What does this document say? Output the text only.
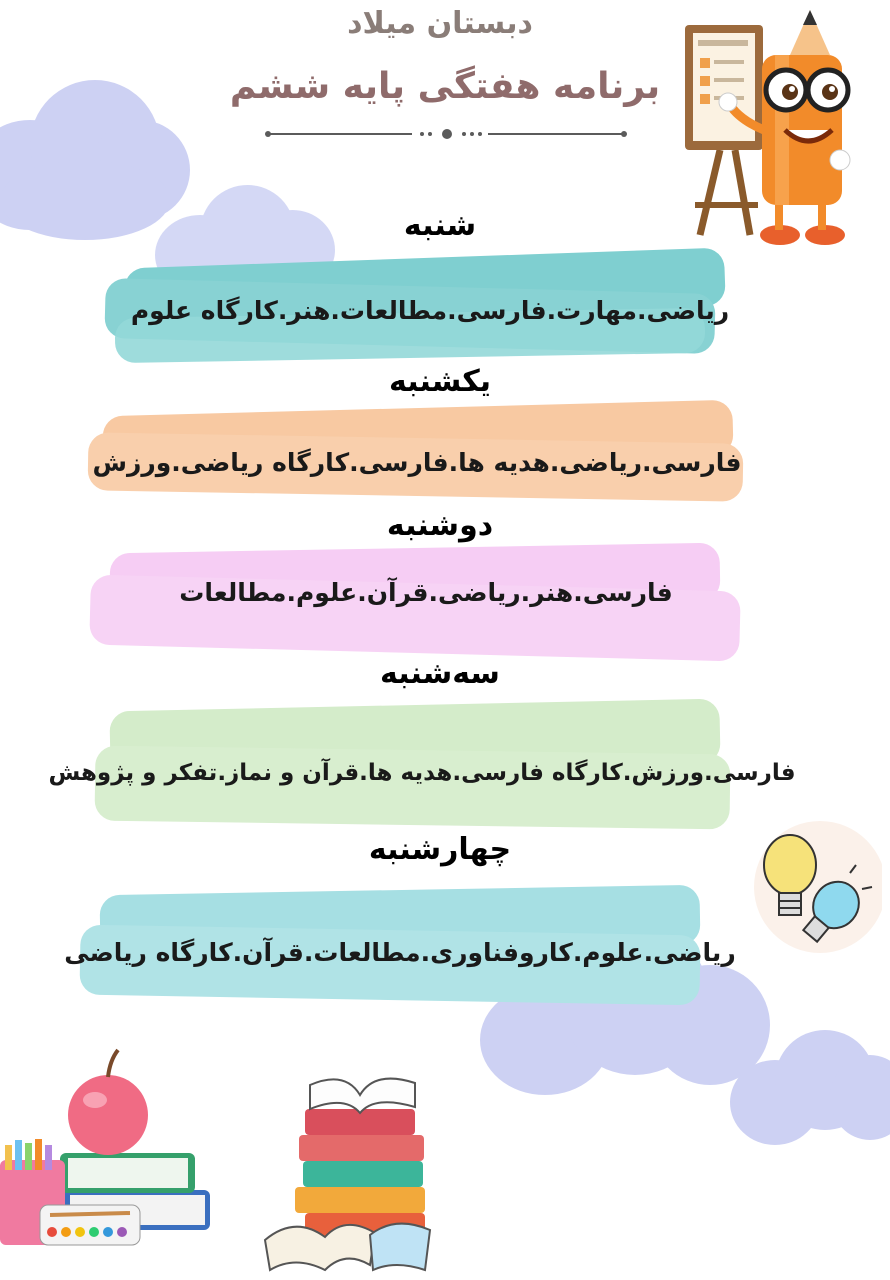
دبستان میلاد
برنامه هفتگی پایه ششم
شنبه
ریاضی.مهارت.فارسی.مطالعات.هنر.کارگاه علوم
یکشنبه
فارسی.ریاضی.هدیه ها.فارسی.کارگاه ریاضی.ورزش
دوشنبه
فارسی.هنر.ریاضی.قرآن.علوم.مطالعات
سه‌شنبه
فارسی.ورزش.کارگاه فارسی.هدیه ها.قرآن و نماز.تفکر و پژوهش
چهارشنبه
ریاضی.علوم.کاروفناوری.مطالعات.قرآن.کارگاه ریاضی
